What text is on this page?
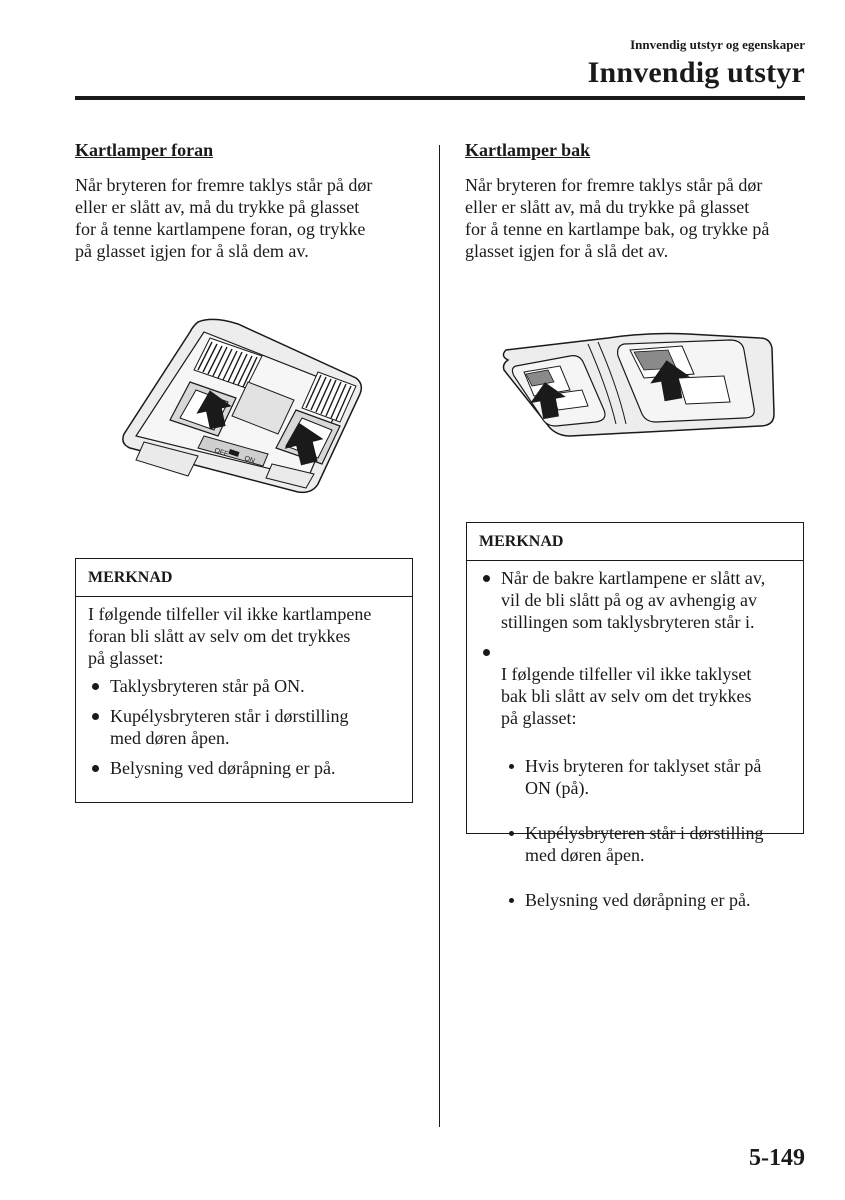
Innvendig utstyr og egenskaper
Innvendig utstyr
Kartlamper foran
Når bryteren for fremre taklys står på dør
eller er slått av, må du trykke på glasset
for å tenne kartlampene foran, og trykke
på glasset igjen for å slå dem av.
OFF
ON
MERKNAD

I følgende tilfeller vil ikke kartlampene
foran bli slått av selv om det trykkes
på glasset:

Taklysbryteren står på ON.
Kupélysbryteren står i dørstilling
med døren åpen.
Belysning ved døråpning er på.
Kartlamper bak
Når bryteren for fremre taklys står på dør
eller er slått av, må du trykke på glasset
for å tenne en kartlampe bak, og trykke på
glasset igjen for å slå det av.
MERKNAD
Når de bakre kartlampene er slått av,
vil de bli slått på og av avhengig av
stillingen som taklysbryteren står i.

I følgende tilfeller vil ikke taklyset
bak bli slått av selv om det trykkes
på glasset:

Hvis bryteren for taklyset står på
ON (på).

Kupélysbryteren står i dørstilling
med døren åpen.

Belysning ved døråpning er på.

5-149
